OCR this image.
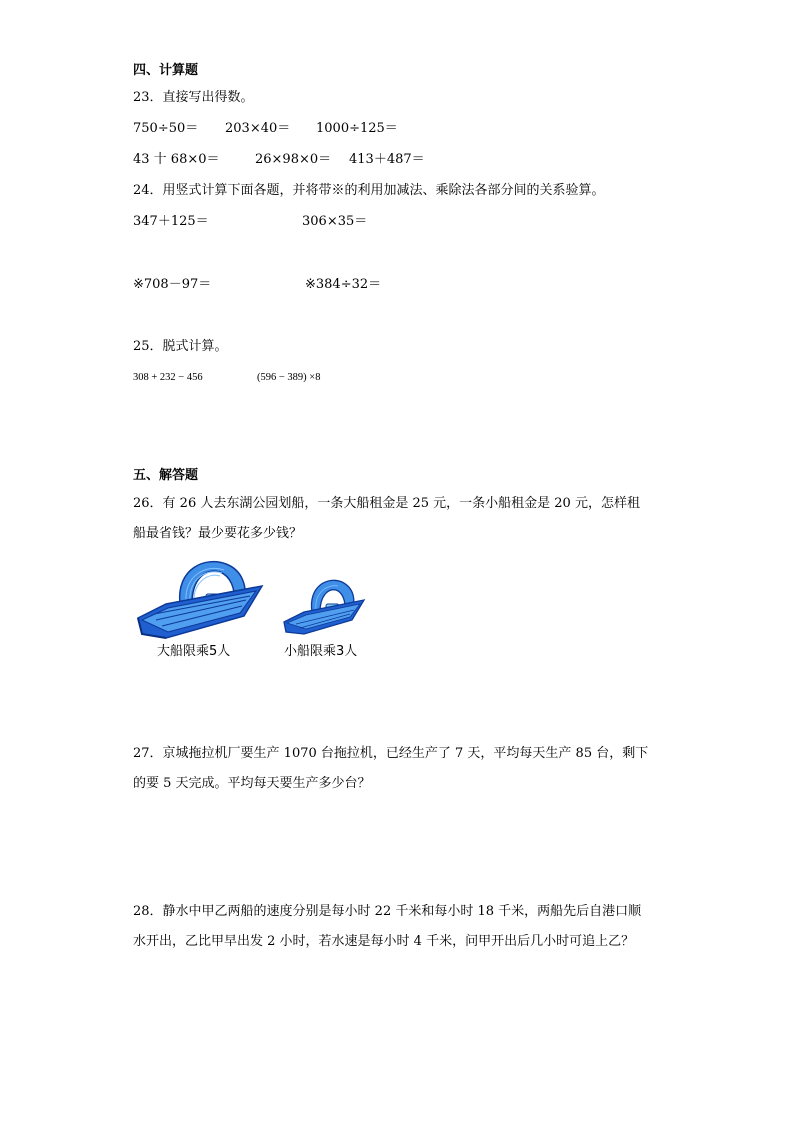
四、计算题
23．直接写出得数。
750÷50＝ 203×40＝ 1000÷125＝
43 十 68×0＝	26×98×0＝ 413＋487＝
24．用竖式计算下面各题，并将带※的利用加减法、乘除法各部分间的关系验算。
347＋125＝	306×35＝
※708－97＝	※384÷32＝
25．脱式计算。
308 + 232 − 456	(596 − 389) ×8
五、解答题
26．有 26 人去东湖公园划船，一条大船租金是 25 元，一条小船租金是 20 元，怎样租
船最省钱？最少要花多少钱？
大船限乘5人	小船限乘3人
27．京城拖拉机厂要生产 1070 台拖拉机，已经生产了 7 天，平均每天生产 85 台，剩下
的要 5 天完成。平均每天要生产多少台？
28．静水中甲乙两船的速度分别是每小时 22 千米和每小时 18 千米，两船先后自港口顺
水开出，乙比甲早出发 2 小时，若水速是每小时 4 千米，问甲开出后几小时可追上乙？
